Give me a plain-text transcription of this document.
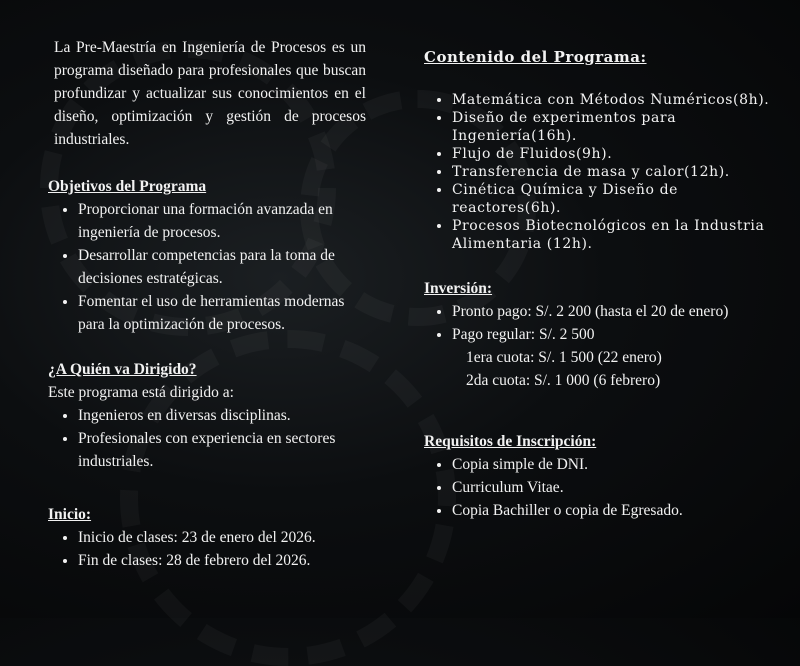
La Pre-Maestría en Ingeniería de Procesos es un programa diseñado para profesionales que buscan profundizar y actualizar sus conocimientos en el diseño, optimización y gestión de procesos industriales.

Objetivos del Programa
• Proporcionar una formación avanzada en ingeniería de procesos.
• Desarrollar competencias para la toma de decisiones estratégicas.
• Fomentar el uso de herramientas modernas para la optimización de procesos.
¿A Quién va Dirigido?

Este programa está dirigido a:

• Ingenieros en diversas disciplinas.
• Profesionales con experiencia en sectores industriales.
Inicio:
• Inicio de clases: 23 de enero del 2026.
• Fin de clases: 28 de febrero del 2026.
Contenido del Programa:
• Matemática con Métodos Numéricos(8h).
• Diseño de experimentos para Ingeniería(16h).
• Flujo de Fluidos(9h).
• Transferencia de masa y calor(12h).
• Cinética Química y Diseño de reactores(6h).
• Procesos Biotecnológicos en la Industria Alimentaria (12h).
Inversión:
• Pronto pago: S/. 2 200 (hasta el 20 de enero)
• Pago regular: S/. 2 500

1era cuota: S/. 1 500 (22 enero)

2da cuota: S/. 1 000 (6 febrero)

Requisitos de Inscripción:
• Copia simple de DNI.
• Curriculum Vitae.
• Copia Bachiller o copia de Egresado.
